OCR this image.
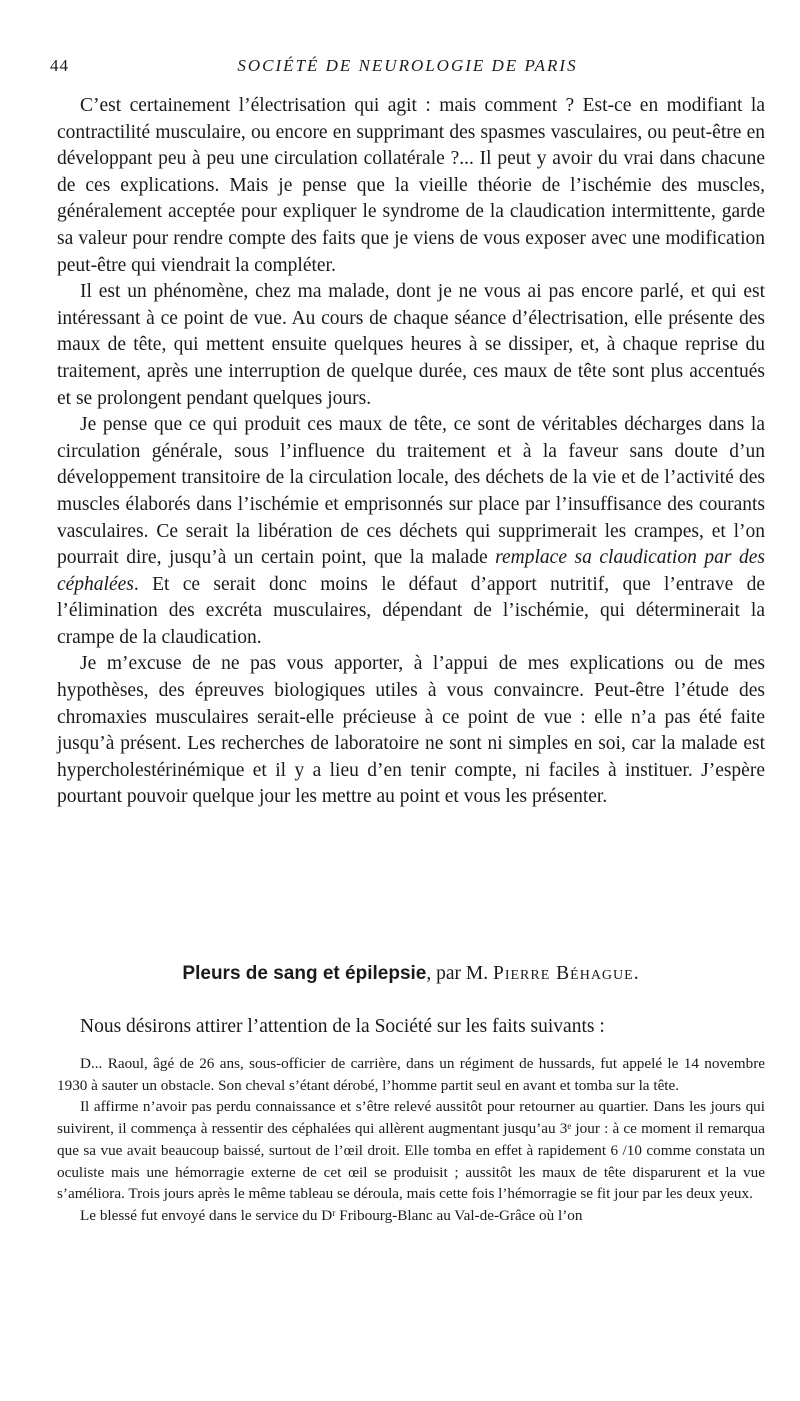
44	SOCIÉTÉ DE NEUROLOGIE DE PARIS

C’est certainement l’électrisation qui agit : mais comment ? Est-ce en modifiant la contractilité musculaire, ou encore en supprimant des spasmes vasculaires, ou peut-être en développant peu à peu une circulation collatérale ?... Il peut y avoir du vrai dans chacune de ces explications. Mais je pense que la vieille théorie de l’ischémie des muscles, généralement acceptée pour expliquer le syndrome de la claudication intermittente, garde sa valeur pour rendre compte des faits que je viens de vous exposer avec une modification peut-être qui viendrait la compléter.

Il est un phénomène, chez ma malade, dont je ne vous ai pas encore parlé, et qui est intéressant à ce point de vue. Au cours de chaque séance d’électrisation, elle présente des maux de tête, qui mettent ensuite quelques heures à se dissiper, et, à chaque reprise du traitement, après une interruption de quelque durée, ces maux de tête sont plus accentués et se prolongent pendant quelques jours.

Je pense que ce qui produit ces maux de tête, ce sont de véritables décharges dans la circulation générale, sous l’influence du traitement et à la faveur sans doute d’un développement transitoire de la circulation locale, des déchets de la vie et de l’activité des muscles élaborés dans l’ischémie et emprisonnés sur place par l’insuffisance des courants vasculaires. Ce serait la libération de ces déchets qui supprimerait les crampes, et l’on pourrait dire, jusqu’à un certain point, que la malade remplace sa claudication par des céphalées. Et ce serait donc moins le défaut d’apport nutritif, que l’entrave de l’élimination des excréta musculaires, dépendant de l’ischémie, qui déterminerait la crampe de la claudication.

Je m’excuse de ne pas vous apporter, à l’appui de mes explications ou de mes hypothèses, des épreuves biologiques utiles à vous convaincre. Peut-être l’étude des chromaxies musculaires serait-elle précieuse à ce point de vue : elle n’a pas été faite jusqu’à présent. Les recherches de laboratoire ne sont ni simples en soi, car la malade est hypercholestérinémique et il y a lieu d’en tenir compte, ni faciles à instituer. J’espère pourtant pouvoir quelque jour les mettre au point et vous les présenter.

Pleurs de sang et épilepsie, par M. Pierre Béhague.
Nous désirons attirer l’attention de la Société sur les faits suivants :

D... Raoul, âgé de 26 ans, sous-officier de carrière, dans un régiment de hussards, fut appelé le 14 novembre 1930 à sauter un obstacle. Son cheval s’étant dérobé, l’homme partit seul en avant et tomba sur la tête.

Il affirme n’avoir pas perdu connaissance et s’être relevé aussitôt pour retourner au quartier. Dans les jours qui suivirent, il commença à ressentir des céphalées qui allèrent augmentant jusqu’au 3ᵉ jour : à ce moment il remarqua que sa vue avait beaucoup baissé, surtout de l’œil droit. Elle tomba en effet à rapidement 6 /10 comme constata un oculiste mais une hémorragie externe de cet œil se produisit ; aussitôt les maux de tête disparurent et la vue s’améliora. Trois jours après le même tableau se déroula, mais cette fois l’hémorragie se fit jour par les deux yeux.

Le blessé fut envoyé dans le service du Dʳ Fribourg-Blanc au Val-de-Grâce où l’on
